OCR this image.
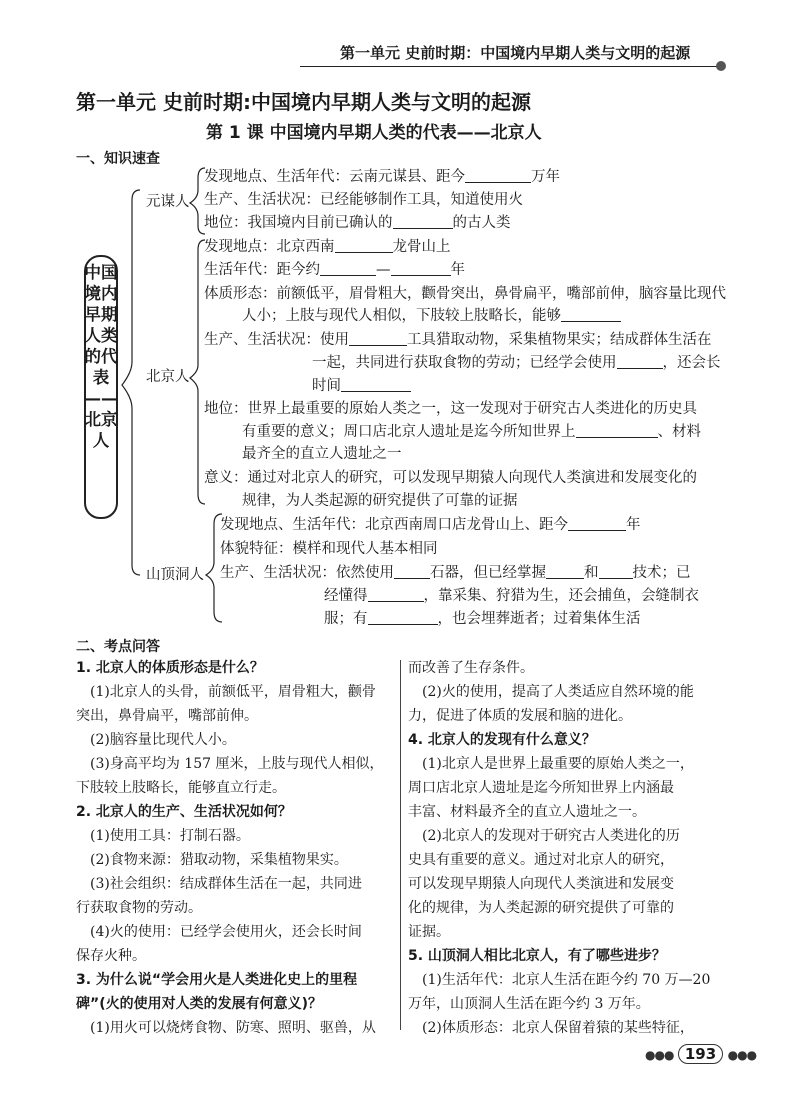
第一单元 史前时期：中国境内早期人类与文明的起源
第一单元 史前时期:中国境内早期人类与文明的起源
第 1 课 中国境内早期人类的代表——北京人
一、知识速查
中国境内早期人类的代表——北京人
元谋人
发现地点、生活年代：云南元谋县、距今	万年
生产、生活状况：已经能够制作工具，知道使用火
地位：我国境内目前已确认的	的古人类
北京人
发现地点：北京西南	龙骨山上
生活年代：距今约	—	年
体质形态：前额低平，眉骨粗大，颧骨突出，鼻骨扁平，嘴部前伸，脑容量比现代
人小；上肢与现代人相似，下肢较上肢略长，能够
生产、生活状况：使用	工具猎取动物，采集植物果实；结成群体生活在
一起，共同进行获取食物的劳动；已经学会使用	，还会长
时间
地位：世界上最重要的原始人类之一，这一发现对于研究古人类进化的历史具
有重要的意义；周口店北京人遗址是迄今所知世界上	、材料
最齐全的直立人遗址之一
意义：通过对北京人的研究，可以发现早期猿人向现代人类演进和发展变化的
规律，为人类起源的研究提供了可靠的证据
山顶洞人
发现地点、生活年代：北京西南周口店龙骨山上、距今	年
体貌特征：模样和现代人基本相同
生产、生活状况：依然使用 石器，但已经掌握	和 技术；已
经懂得	，靠采集、狩猎为生，还会捕鱼，会缝制衣
服；有	，也会埋葬逝者；过着集体生活
二、考点问答
1. 北京人的体质形态是什么？
(1)北京人的头骨，前额低平，眉骨粗大，颧骨
突出，鼻骨扁平，嘴部前伸。
(2)脑容量比现代人小。
(3)身高平均为 157 厘米，上肢与现代人相似，
下肢较上肢略长，能够直立行走。
2. 北京人的生产、生活状况如何？
(1)使用工具：打制石器。
(2)食物来源：猎取动物，采集植物果实。
(3)社会组织：结成群体生活在一起，共同进
行获取食物的劳动。
(4)火的使用：已经学会使用火，还会长时间
保存火种。
3. 为什么说“学会用火是人类进化史上的里程
碑”(火的使用对人类的发展有何意义)？
(1)用火可以烧烤食物、防寒、照明、驱兽，从
而改善了生存条件。
(2)火的使用，提高了人类适应自然环境的能
力，促进了体质的发展和脑的进化。
4. 北京人的发现有什么意义？
(1)北京人是世界上最重要的原始人类之一，
周口店北京人遗址是迄今所知世界上内涵最
丰富、材料最齐全的直立人遗址之一。
(2)北京人的发现对于研究古人类进化的历
史具有重要的意义。通过对北京人的研究，
可以发现早期猿人向现代人类演进和发展变
化的规律，为人类起源的研究提供了可靠的
证据。
5. 山顶洞人相比北京人，有了哪些进步？
(1)生活年代：北京人生活在距今约 70 万—20
万年，山顶洞人生活在距今约 3 万年。
(2)体质形态：北京人保留着猿的某些特征，
●●● 193 ●●●
